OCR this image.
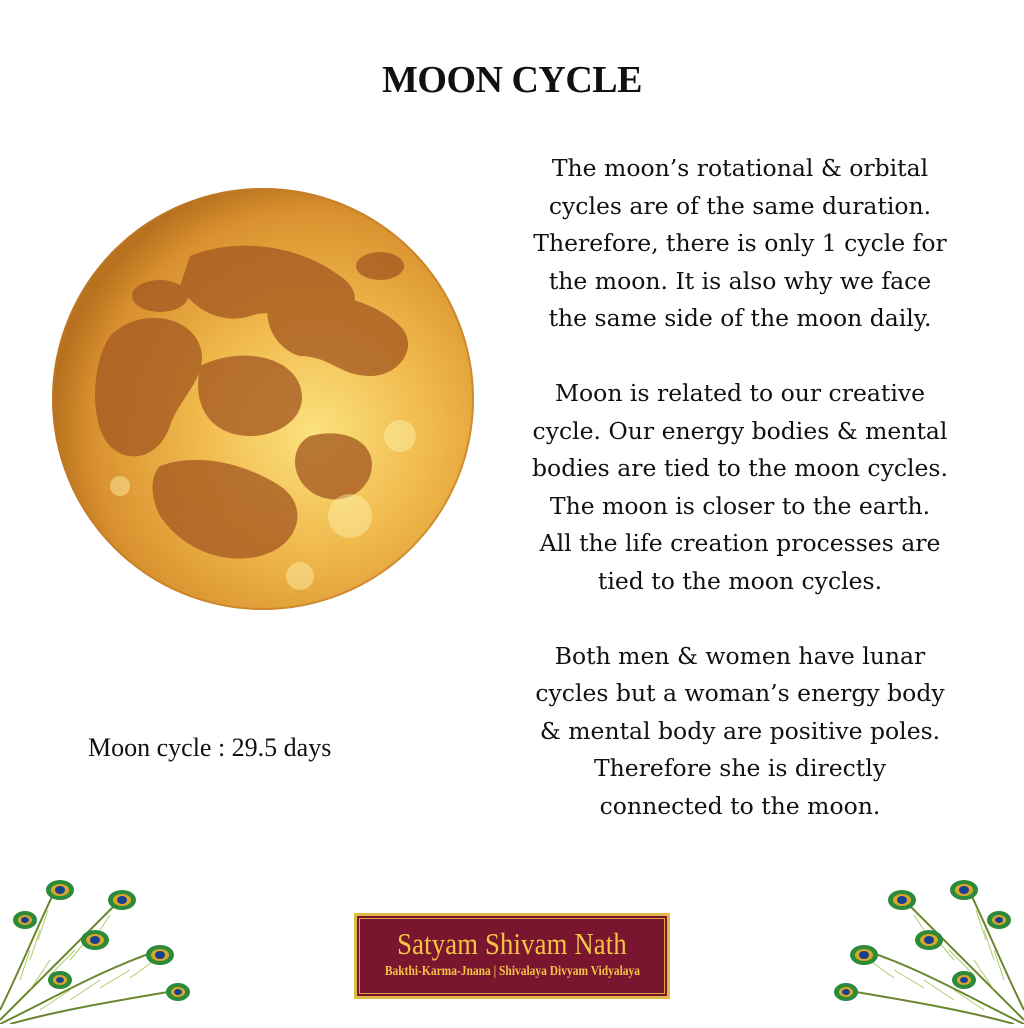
MOON CYCLE
Moon cycle : 29.5 days

The moon’s rotational & orbital
cycles are of the same duration.
Therefore, there is only 1 cycle for
the moon. It is also why we face
the same side of the moon daily.

Moon is related to our creative
cycle. Our energy bodies & mental
bodies are tied to the moon cycles.
The moon is closer to the earth.
All the life creation processes are
tied to the moon cycles.

Both men & women have lunar
cycles but a woman’s energy body
& mental body are positive poles.
Therefore she is directly
connected to the moon.

Satyam Shivam Nath
Bakthi-Karma-Jnana | Shivalaya Divyam Vidyalaya
